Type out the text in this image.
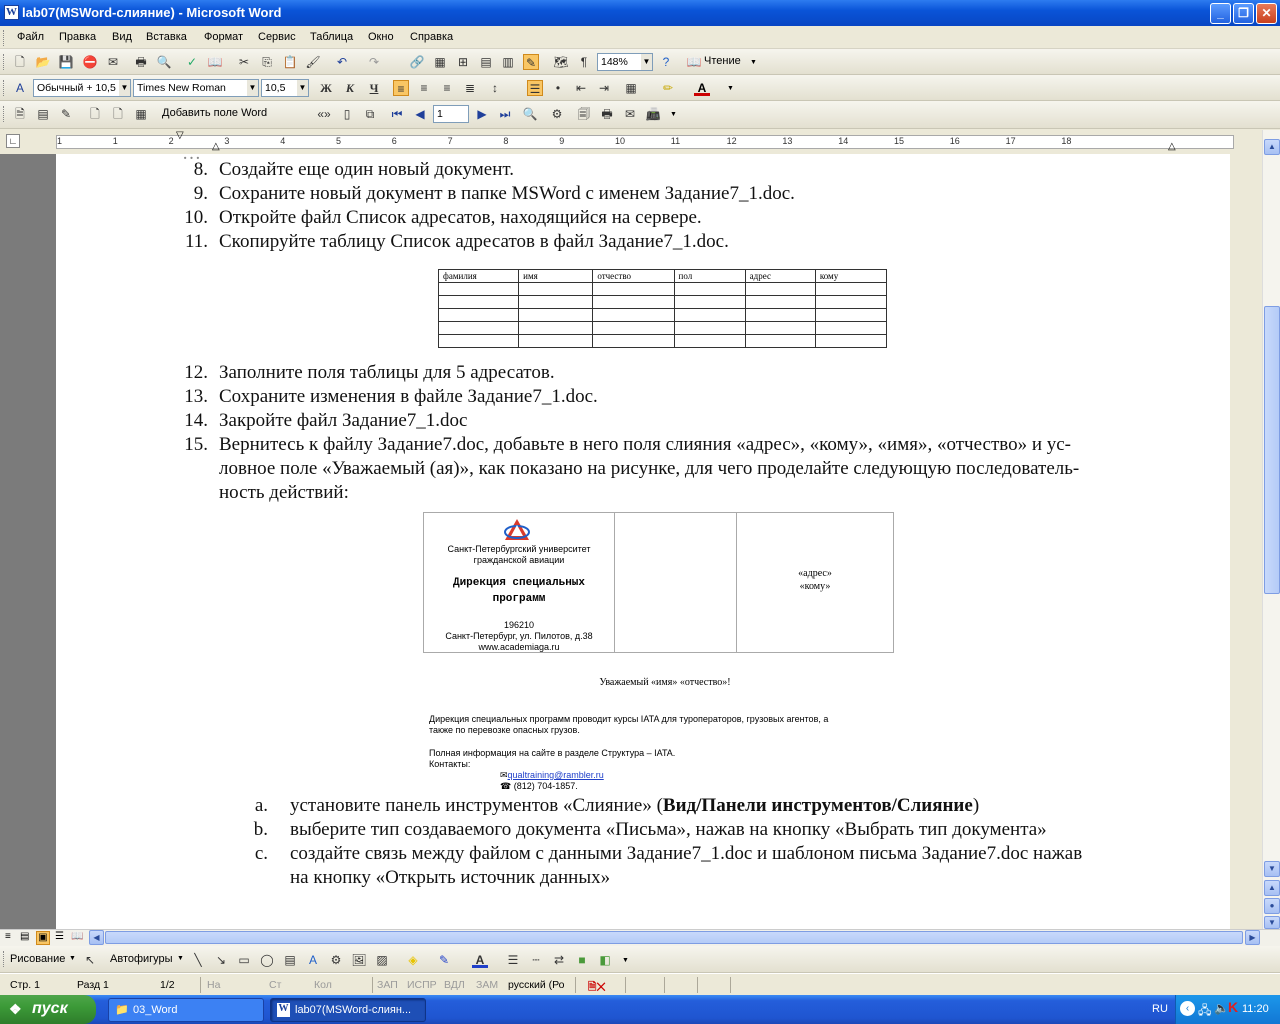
W lab07(MSWord-слияние) - Microsoft Word	_	❐	✕
Файл Правка Вид Вставка Формат Сервис Таблица Окно Справка
🗋 📂 💾 ⛔ ✉ 🖶 🔍 ✓ 📖 ✂ ⎘ 📋 🖌 ↶ ↷	🔗 ▦ ⊞ ▤ ▥ ✎ 🗺	¶	148% ▼	?	📖 Чтение ▼
A	Обычный + 10,5 ▼ Times New Roman	▼ 10,5 ▼ Ж	К	Ч	≡	≡	≡	≣	↕	☰	•	⇤ ⇥ ▦ ✏	A	▼
🗎 ▤ ✎ 🗋 🗋 ▦ Добавить поле Word	«»	▯	⧉	⏮ ◀	1	▶ ⏭ 🔍 ⚙ 🗐 🖶 ✉ 📠 ▼
∟	1	1	2	3	4	5	6	7	8	9	10	11	12	13	14	15	16	17	18
▽
△	△
…
8. Создайте еще один новый документ.
9. Сохраните новый документ в папке MSWord с именем Задание7_1.doc.
10. Откройте файл Список адресатов, находящийся на сервере.
11. Скопируйте таблицу Список адресатов в файл Задание7_1.doc.
фамилия	имя	отчество	пол	адрес	кому

12. Заполните поля таблицы для 5 адресатов.
13. Сохраните изменения в файле Задание7_1.doc.
14. Закройте файл Задание7_1.doc
15. Вернитесь к файлу Задание7.doc, добавьте в него поля слияния «адрес», «кому», «имя», «отчество» и ус-
ловное поле «Уважаемый (ая)», как показано на рисунке, для чего проделайте следующую последователь-
ность действий:
Санкт-Петербургский университет
гражданской авиации
Дирекция специальных
программ
196210
Санкт-Петербург, ул. Пилотов, д.38
www.academiaga.ru
«адрес»
«кому»
Уважаемый «имя» «отчество»!
Дирекция специальных программ проводит курсы IATA для туроператоров, грузовых агентов, а
также по перевозке опасных грузов.
Полная информация на сайте в разделе Структура – IATA.
Контакты:
✉qualtraining@rambler.ru
☎ (812) 704-1857.
a. установите панель инструментов «Слияние» (Вид/Панели инструментов/Слияние)
b. выберите тип создаваемого документа «Письма», нажав на кнопку «Выбрать тип документа»
c. создайте связь между файлом с данными Задание7_1.doc и шаблоном письма Задание7.doc нажав
на кнопку «Открыть источник данных»
▲
▼
▲
●
▼
≡ ▤ ▣ ☰ 📖	◀	▶
Рисование ▼ ↖ Автофигуры ▼ ╲	↘ ▭ ◯ ▤	A	⚙ 🖼 ▨ ◈ ✎	A	☰	┄	⇄	■	◧	▼
Стр. 1	Разд 1	1/2	На	Ст	Кол	ЗАП ИСПР ВДЛ ЗАМ русский (Ро 🗎✕
❖ пуск	📁 03_Word	W lab07(MSWord-слиян...	RU	‹ 🖧 🔈 K 11:20
